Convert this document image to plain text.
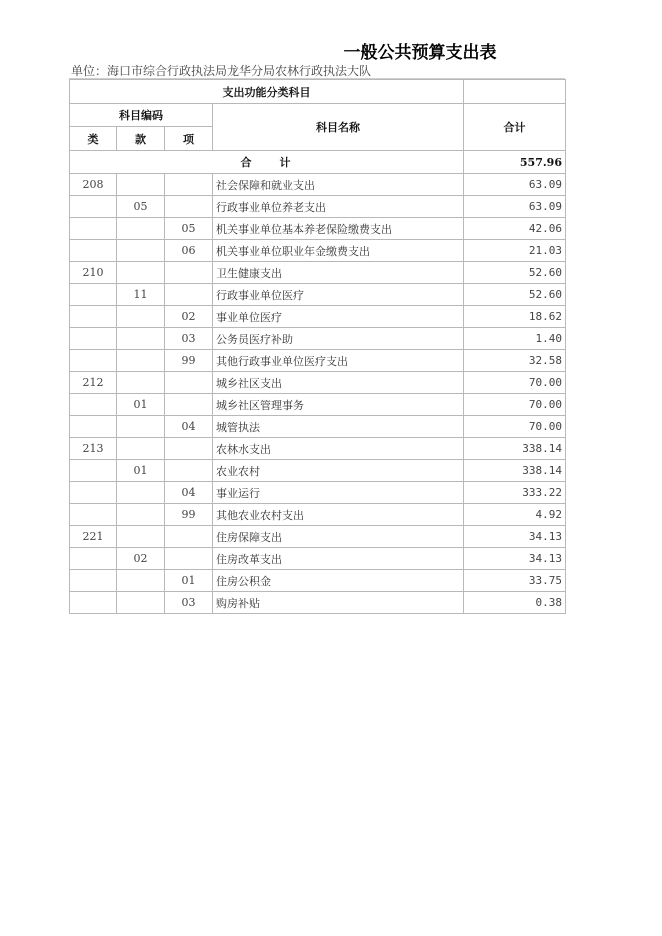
一般公共预算支出表
单位：海口市综合行政执法局龙华分局农林行政执法大队
支出功能分类科目				
科目编码			科目名称	合计
类	款	项		
合　　计				557.96
208			社会保障和就业支出	63.09
	05		行政事业单位养老支出	63.09
		05	机关事业单位基本养老保险缴费支出	42.06
		06	机关事业单位职业年金缴费支出	21.03
210			卫生健康支出	52.60
	11		行政事业单位医疗	52.60
		02	事业单位医疗	18.62
		03	公务员医疗补助	1.40
		99	其他行政事业单位医疗支出	32.58
212			城乡社区支出	70.00
	01		城乡社区管理事务	70.00
		04	城管执法	70.00
213			农林水支出	338.14
	01		农业农村	338.14
		04	事业运行	333.22
		99	其他农业农村支出	4.92
221			住房保障支出	34.13
	02		住房改革支出	34.13
		01	住房公积金	33.75
		03	购房补贴	0.38
